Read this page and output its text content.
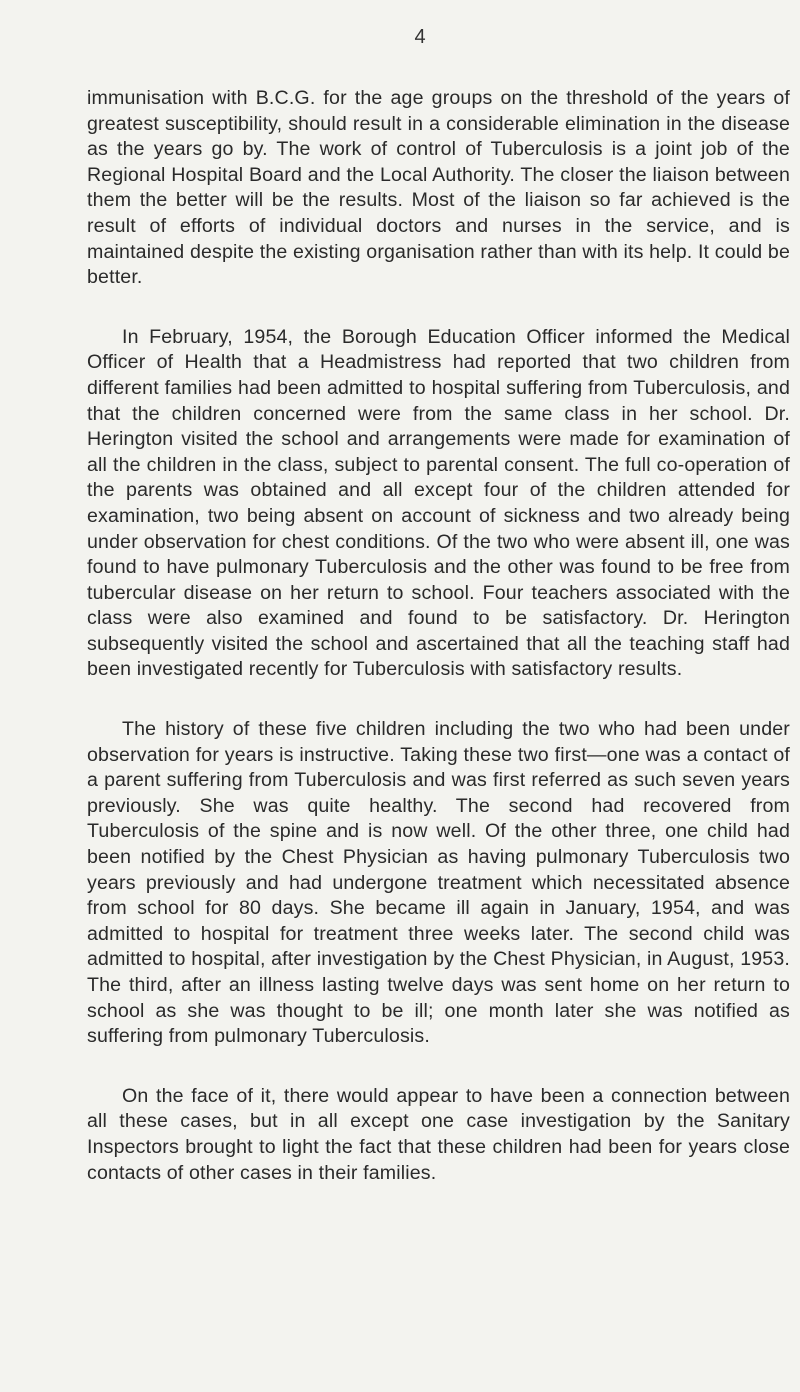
4

immunisation with B.C.G. for the age groups on the threshold of the years of greatest susceptibility, should result in a considerable elimination in the disease as the years go by. The work of control of Tuberculosis is a joint job of the Regional Hospital Board and the Local Authority. The closer the liaison between them the better will be the results. Most of the liaison so far achieved is the result of efforts of individual doctors and nurses in the service, and is maintained despite the existing organisation rather than with its help. It could be better.

In February, 1954, the Borough Education Officer informed the Medical Officer of Health that a Headmistress had reported that two children from different families had been admitted to hospital suffering from Tuberculosis, and that the children concerned were from the same class in her school. Dr. Herington visited the school and arrangements were made for examination of all the children in the class, subject to parental consent. The full co-operation of the parents was obtained and all except four of the children attended for examination, two being absent on account of sickness and two already being under observation for chest conditions. Of the two who were absent ill, one was found to have pulmonary Tuberculosis and the other was found to be free from tubercular disease on her return to school. Four teachers associated with the class were also examined and found to be satisfactory. Dr. Herington subsequently visited the school and ascertained that all the teaching staff had been investigated recently for Tuberculosis with satisfactory results.

The history of these five children including the two who had been under observation for years is instructive. Taking these two first—one was a contact of a parent suffering from Tuberculosis and was first referred as such seven years previously. She was quite healthy. The second had recovered from Tuberculosis of the spine and is now well. Of the other three, one child had been notified by the Chest Physician as having pulmonary Tuberculosis two years previously and had undergone treatment which necessitated absence from school for 80 days. She became ill again in January, 1954, and was admitted to hospital for treatment three weeks later. The second child was admitted to hospital, after investigation by the Chest Physician, in August, 1953. The third, after an illness lasting twelve days was sent home on her return to school as she was thought to be ill; one month later she was notified as suffering from pulmonary Tuberculosis.

On the face of it, there would appear to have been a connection between all these cases, but in all except one case investigation by the Sanitary Inspectors brought to light the fact that these children had been for years close contacts of other cases in their families.
